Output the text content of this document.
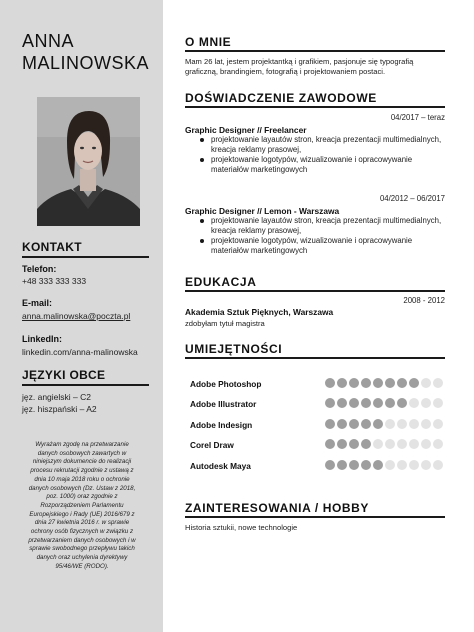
ANNA
MALINOWSKA
KONTAKT
Telefon:
+48 333 333 333
E-mail:
anna.malinowska@poczta.pl
LinkedIn:
linkedin.com/anna-malinowska
JĘZYKI OBCE
jęz. angielski – C2
jęz. hiszpański – A2
Wyrażam zgodę na przetwarzanie
danych osobowych zawartych w
niniejszym dokumencie do realizacji
procesu rekrutacji zgodnie z ustawą z
dnia 10 maja 2018 roku o ochronie
danych osobowych (Dz. Ustaw z 2018,
poz. 1000) oraz zgodnie z
Rozporządzeniem Parlamentu
Europejskiego i Rady (UE) 2016/679 z
dnia 27 kwietnia 2016 r. w sprawie
ochrony osób fizycznych w związku z
przetwarzaniem danych osobowych i w
sprawie swobodnego przepływu takich
danych oraz uchylenia dyrektywy
95/46/WE (RODO).
O MNIE
Mam 26 lat, jestem projektantką i grafikiem, pasjonuje się typografią
graficzną, brandingiem, fotografią i projektowaniem postaci.
DOŚWIADCZENIE ZAWODOWE
04/2017 – teraz
Graphic Designer // Freelancer
projektowanie layautów stron, kreacja prezentacji multimedialnych, kreacja reklamy prasowej,
projektowanie logotypów, wizualizowanie i opracowywanie materiałów marketingowych
04/2012 – 06/2017
Graphic Designer // Lemon - Warszawa
projektowanie layautów stron, kreacja prezentacji multimedialnych, kreacja reklamy prasowej,
projektowanie logotypów, wizualizowanie i opracowywanie materiałów marketingowych
EDUKACJA
2008 - 2012
Akademia Sztuk Pięknych, Warszawa
zdobyłam tytuł magistra
UMIEJĘTNOŚCI
Adobe Photoshop
Adobe Illustrator
Adobe Indesign
Corel Draw
Autodesk Maya
ZAINTERESOWANIA / HOBBY
Historia sztukii, nowe technologie
